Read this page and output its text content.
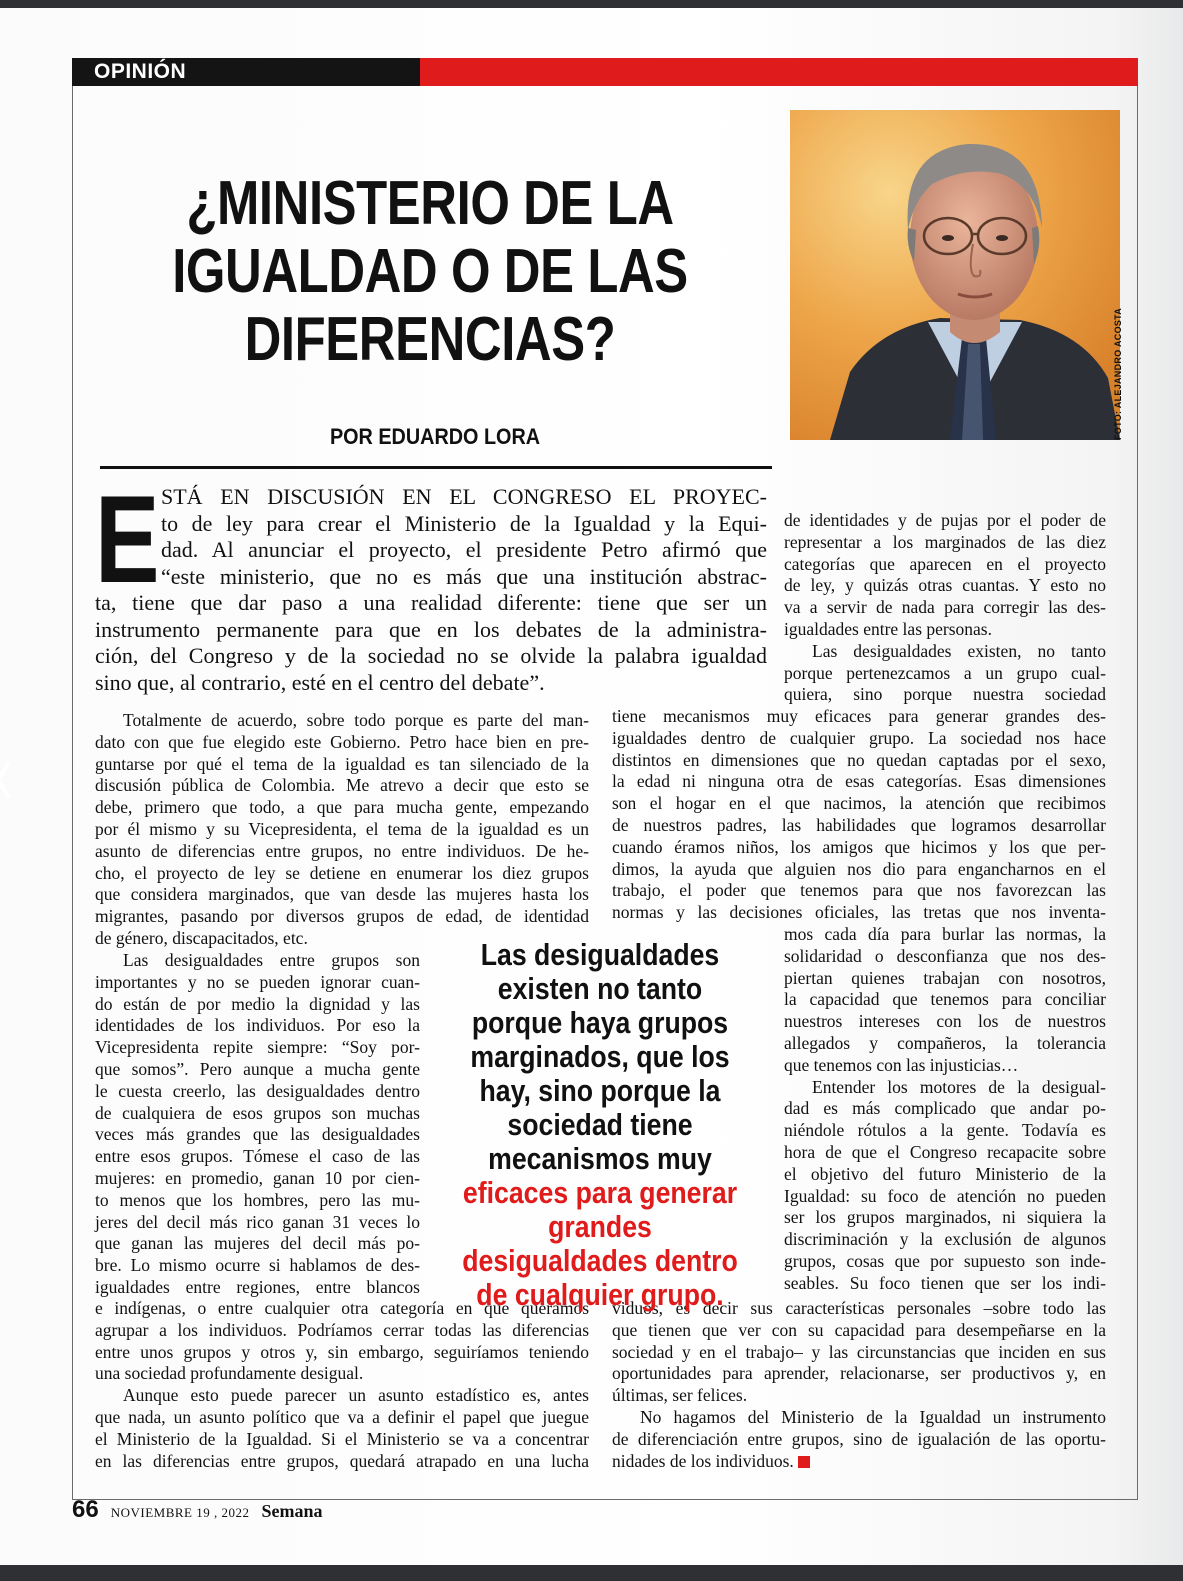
OPINIÓN
¿MINISTERIO DE LA IGUALDAD O DE LAS DIFERENCIAS?
POR EDUARDO LORA	FOTO: ALEJANDRO ACOSTA
E STÁ EN DISCUSIÓN EN EL CONGRESO EL PROYEC-
to de ley para crear el Ministerio de la Igualdad y la Equi-
dad. Al anunciar el proyecto, el presidente Petro afirmó que
“este ministerio, que no es más que una institución abstrac-
ta, tiene que dar paso a una realidad diferente: tiene que ser un
instrumento permanente para que en los debates de la administra-
ción, del Congreso y de la sociedad no se olvide la palabra igualdad
sino que, al contrario, esté en el centro del debate”.
Totalmente de acuerdo, sobre todo porque es parte del man-
dato con que fue elegido este Gobierno. Petro hace bien en pre-
guntarse por qué el tema de la igualdad es tan silenciado de la
discusión pública de Colombia. Me atrevo a decir que esto se
debe, primero que todo, a que para mucha gente, empezando
por él mismo y su Vicepresidenta, el tema de la igualdad es un
asunto de diferencias entre grupos, no entre individuos. De he-
cho, el proyecto de ley se detiene en enumerar los diez grupos
que considera marginados, que van desde las mujeres hasta los
migrantes, pasando por diversos grupos de edad, de identidad
de género, discapacitados, etc.
Las desigualdades entre grupos son
importantes y no se pueden ignorar cuan-
do están de por medio la dignidad y las
identidades de los individuos. Por eso la
Vicepresidenta repite siempre: “Soy por-
que somos”. Pero aunque a mucha gente
le cuesta creerlo, las desigualdades dentro
de cualquiera de esos grupos son muchas
veces más grandes que las desigualdades
entre esos grupos. Tómese el caso de las
mujeres: en promedio, ganan 10 por cien-
to menos que los hombres, pero las mu-
jeres del decil más rico ganan 31 veces lo
que ganan las mujeres del decil más po-
bre. Lo mismo ocurre si hablamos de des-
igualdades entre regiones, entre blancos
e indígenas, o entre cualquier otra categoría en que queramos
agrupar a los individuos. Podríamos cerrar todas las diferencias
entre unos grupos y otros y, sin embargo, seguiríamos teniendo
una sociedad profundamente desigual.
Aunque esto puede parecer un asunto estadístico es, antes
que nada, un asunto político que va a definir el papel que juegue
el Ministerio de la Igualdad. Si el Ministerio se va a concentrar
en las diferencias entre grupos, quedará atrapado en una lucha
de identidades y de pujas por el poder de
representar a los marginados de las diez
categorías que aparecen en el proyecto
de ley, y quizás otras cuantas. Y esto no
va a servir de nada para corregir las des-
igualdades entre las personas.
Las desigualdades existen, no tanto
porque pertenezcamos a un grupo cual-
quiera, sino porque nuestra sociedad
tiene mecanismos muy eficaces para generar grandes des-
igualdades dentro de cualquier grupo. La sociedad nos hace
distintos en dimensiones que no quedan captadas por el sexo,
la edad ni ninguna otra de esas categorías. Esas dimensiones
son el hogar en el que nacimos, la atención que recibimos
de nuestros padres, las habilidades que logramos desarrollar
cuando éramos niños, los amigos que hicimos y los que per-
dimos, la ayuda que alguien nos dio para engancharnos en el
trabajo, el poder que tenemos para que nos favorezcan las
normas y las decisiones oficiales, las tretas que nos inventa-
mos cada día para burlar las normas, la
solidaridad o desconfianza que nos des-
piertan quienes trabajan con nosotros,
la capacidad que tenemos para conciliar
nuestros intereses con los de nuestros
allegados y compañeros, la tolerancia
que tenemos con las injusticias…
Entender los motores de la desigual-
dad es más complicado que andar po-
niéndole rótulos a la gente. Todavía es
hora de que el Congreso recapacite sobre
el objetivo del futuro Ministerio de la
Igualdad: su foco de atención no pueden
ser los grupos marginados, ni siquiera la
discriminación y la exclusión de algunos
grupos, cosas que por supuesto son inde-
seables. Su foco tienen que ser los indi-
viduos, es decir sus características personales –sobre todo las
que tienen que ver con su capacidad para desempeñarse en la
sociedad y en el trabajo– y las circunstancias que inciden en sus
oportunidades para aprender, relacionarse, ser productivos y, en
últimas, ser felices.
No hagamos del Ministerio de la Igualdad un instrumento
de diferenciación entre grupos, sino de igualación de las oportu-
nidades de los individuos.
Las desigualdades existen no tanto porque haya grupos marginados, que los hay, sino porque la sociedad tiene mecanismos muy eficaces para generar grandes desigualdades dentro de cualquier grupo.
66 NOVIEMBRE 19 , 2022 Semana
